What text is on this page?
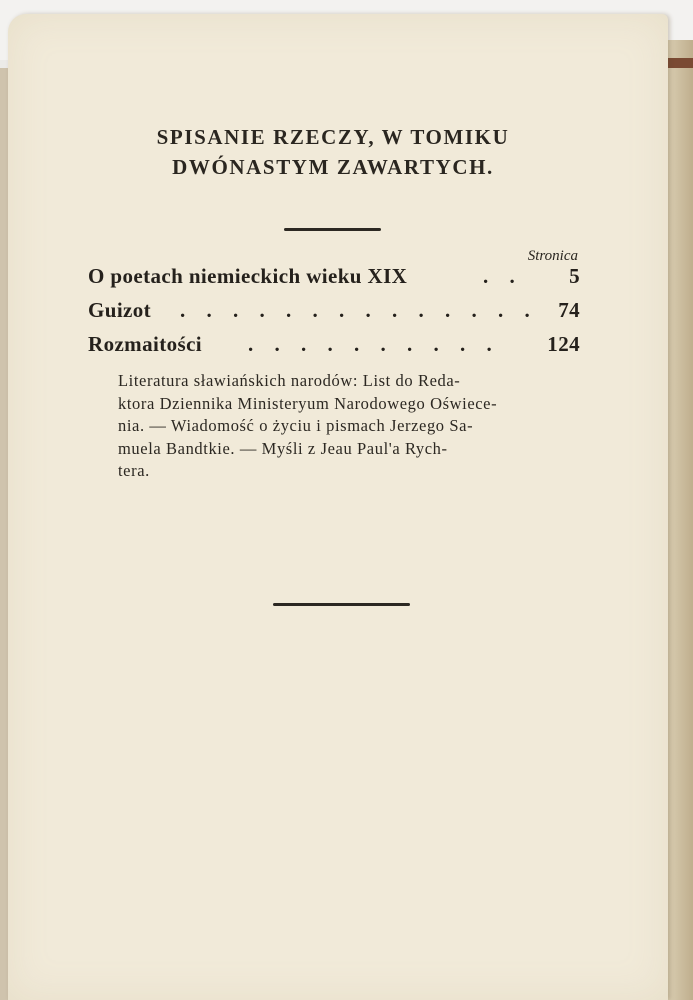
SPISANIE RZECZY, W TOMIKU
DWÓNASTYM ZAWARTYCH.
Stronica
O poetach niemieckich wieku XIX	. . 5
Guizot . . . . . . . . . . . . . . 74
Rozmaitości . . . . . . . . . . 124
Literatura sławiańskich narodów: List do Reda-
ktora Dziennika Ministeryum Narodowego Oświece-
nia. — Wiadomość o życiu i pismach Jerzego Sa-
muela Bandtkie. — Myśli z Jeau Paul'a Rych-
tera.
